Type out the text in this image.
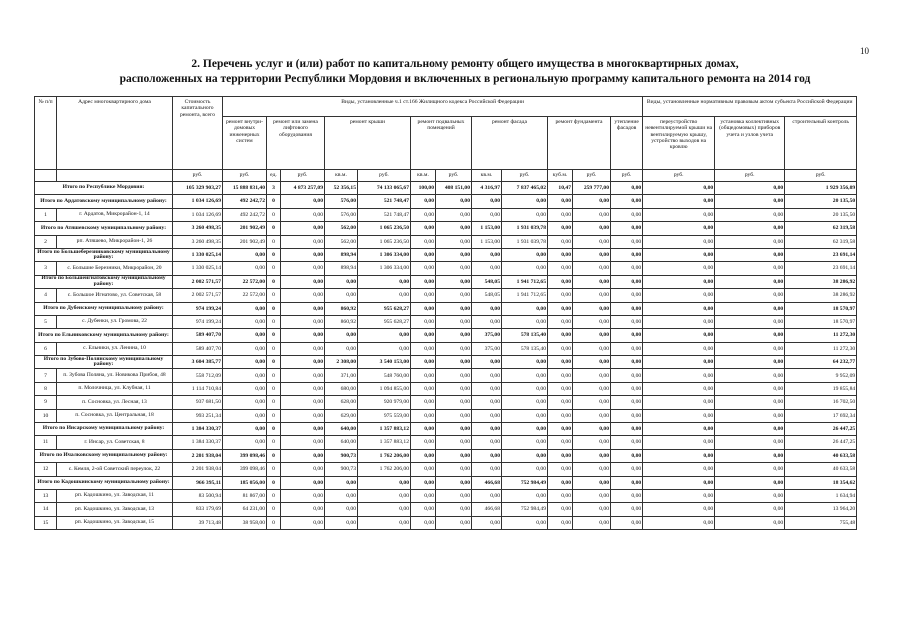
10
2. Перечень услуг и (или) работ по капитальному ремонту общего имущества в многоквартирных домах,
расположенных на территории Республики Мордовия и включенных в региональную программу капитального ремонта на 2014 год
№ п/п	Адрес многоквартирного дома	Стоимость капитального ремонта, всего	Виды, установленные ч.1 ст.166 Жилищного кодекса Российской Федерации												Виды, установленные нормативным правовым актом субъекта Российской Федерации		
			ремонт внутри-домовых инженерных систем	ремонт или замена лифтового оборудования		ремонт крыши		ремонт подвальных помещений		ремонт фасада		ремонт фундамента		утепление фасадов	переустройство невентилируемой крыши на вентилируемую крышу, устройство выходов на кровлю	установка коллективных (общедомовых) приборов учета и узлов учета	строительный контроль
		руб.	руб.	ед.	руб.	кв.м.	руб.	кв.м.	руб.	кв.м.	руб.	куб.м.	руб.	руб.	руб.	руб.	руб.
Итого по Республике Мордовия:		105 329 903,27	15 888 831,40	3	4 873 257,09	52 356,15	74 133 065,67	100,00	408 151,00	4 316,97	7 837 465,02	10,47	259 777,00	0,00	0,00	0,00	1 929 356,09
Итого по Ардатовскому муниципальному району:		1 034 126,69	492 242,72	0	0,00	576,00	521 748,47	0,00	0,00	0,00	0,00	0,00	0,00	0,00	0,00	0,00	20 135,50
1	г. Ардатов, Микрорайон-1, 14	1 034 126,69	492 242,72	0	0,00	576,00	521 748,47	0,00	0,00	0,00	0,00	0,00	0,00	0,00	0,00	0,00	20 135,50
Итого по Атяшевскому муниципальному району:		3 260 498,35	201 902,49	0	0,00	562,00	1 065 236,50	0,00	0,00	1 153,00	1 931 039,78	0,00	0,00	0,00	0,00	0,00	62 319,58
2	рп. Атяшево, Микрорайон-1, 26	3 260 498,35	201 902,49	0	0,00	562,00	1 065 236,50	0,00	0,00	1 153,00	1 931 039,78	0,00	0,00	0,00	0,00	0,00	62 319,58
Итого по Большеберезниковскому муниципальному району:		1 330 025,14	0,00	0	0,00	898,94	1 306 334,00	0,00	0,00	0,00	0,00	0,00	0,00	0,00	0,00	0,00	23 691,14
3	с. Большие Березники, Микрорайон, 20	1 330 025,14	0,00	0	0,00	898,94	1 306 334,00	0,00	0,00	0,00	0,00	0,00	0,00	0,00	0,00	0,00	23 691,14
Итого по Большеигнатовскому муниципальному району:		2 002 571,57	22 572,00	0	0,00	0,00	0,00	0,00	0,00	548,05	1 941 712,65	0,00	0,00	0,00	0,00	0,00	38 286,92
4	с. Большое Игнатово, ул. Советская, 58	2 002 571,57	22 572,00	0	0,00	0,00	0,00	0,00	0,00	548,05	1 941 712,65	0,00	0,00	0,00	0,00	0,00	38 286,92
Итого по Дубенскому муниципальному району:		974 199,24	0,00	0	0,00	860,92	955 628,27	0,00	0,00	0,00	0,00	0,00	0,00	0,00	0,00	0,00	18 570,97
5	с. Дубенки, ул. Громова, 22	974 199,24	0,00	0	0,00	860,92	955 628,27	0,00	0,00	0,00	0,00	0,00	0,00	0,00	0,00	0,00	18 570,97
Итого по Ельниковскому муниципальному району:		589 407,70	0,00	0	0,00	0,00	0,00	0,00	0,00	375,00	578 135,40	0,00	0,00	0,00	0,00	0,00	11 272,30
6	с. Ельники, ул. Ленина, 10	589 407,70	0,00	0	0,00	0,00	0,00	0,00	0,00	375,00	578 135,40	0,00	0,00	0,00	0,00	0,00	11 272,30
Итого по Зубово-Полянскому муниципальному району:		3 604 385,77	0,00	0	0,00	2 308,00	3 540 153,00	0,00	0,00	0,00	0,00	0,00	0,00	0,00	0,00	0,00	64 232,77
7	п. Зубова Поляна, ул. Новикова Прибоя, 48	558 712,09	0,00	0	0,00	371,00	548 760,00	0,00	0,00	0,00	0,00	0,00	0,00	0,00	0,00	0,00	9 952,09
8	п. Молочница, ул. Клубная, 11	1 114 710,84	0,00	0	0,00	680,00	1 094 855,00	0,00	0,00	0,00	0,00	0,00	0,00	0,00	0,00	0,00	19 855,84
9	п. Сосновка, ул. Лесная, 13	937 681,50	0,00	0	0,00	628,00	920 979,00	0,00	0,00	0,00	0,00	0,00	0,00	0,00	0,00	0,00	16 702,50
10	п. Сосновка, ул. Центральная, 18	993 251,34	0,00	0	0,00	629,00	975 559,00	0,00	0,00	0,00	0,00	0,00	0,00	0,00	0,00	0,00	17 692,34
Итого по Инсарскому муниципальному району:		1 384 330,37	0,00	0	0,00	640,00	1 357 883,12	0,00	0,00	0,00	0,00	0,00	0,00	0,00	0,00	0,00	26 447,25
11	г. Инсар, ул. Советская, 8	1 384 330,37	0,00	0	0,00	640,00	1 357 883,12	0,00	0,00	0,00	0,00	0,00	0,00	0,00	0,00	0,00	26 447,25
Итого по Ичалковскому муниципальному району:		2 201 938,04	399 098,46	0	0,00	900,73	1 762 206,00	0,00	0,00	0,00	0,00	0,00	0,00	0,00	0,00	0,00	40 633,58
12	с. Кемля, 2-ой Советский переулок, 22	2 201 938,04	399 098,46	0	0,00	900,73	1 762 206,00	0,00	0,00	0,00	0,00	0,00	0,00	0,00	0,00	0,00	40 633,58
Итого по Кадошкинскому муниципальному району:		966 395,11	185 056,00	0	0,00	0,00	0,00	0,00	0,00	466,68	752 984,49	0,00	0,00	0,00	0,00	0,00	18 354,62
13	рп. Кадошкино, ул. Заводская, 11	83 500,94	81 867,00	0	0,00	0,00	0,00	0,00	0,00	0,00	0,00	0,00	0,00	0,00	0,00	0,00	1 634,94
14	рп. Кадошкино, ул. Заводская, 13	833 179,69	64 231,00	0	0,00	0,00	0,00	0,00	0,00	466,68	752 984,49	0,00	0,00	0,00	0,00	0,00	13 964,20
15	рп. Кадошкино, ул. Заводская, 15	39 713,48	38 958,00	0	0,00	0,00	0,00	0,00	0,00	0,00	0,00	0,00	0,00	0,00	0,00	0,00	755,48
